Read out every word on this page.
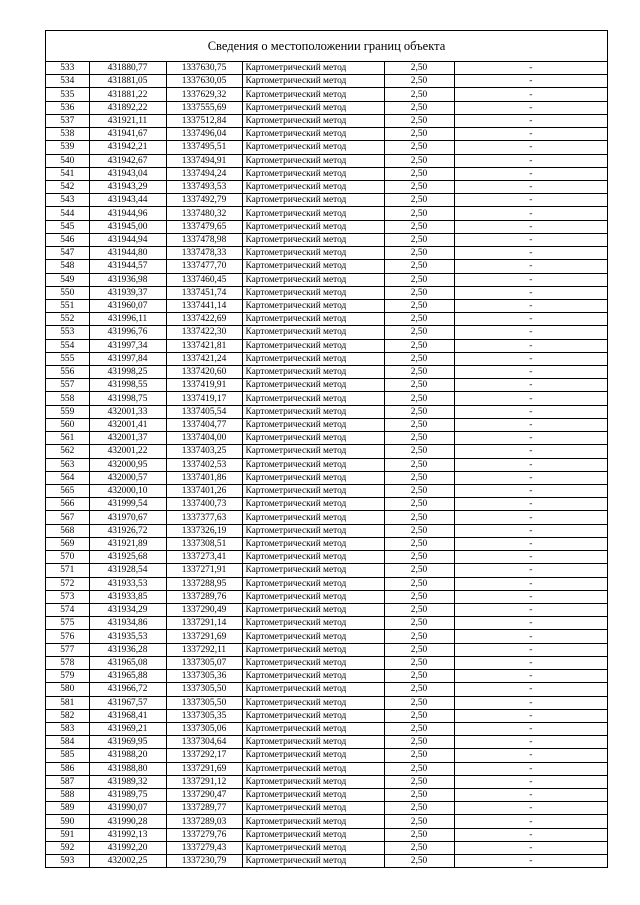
Сведения о местоположении границ объекта
533	431880,77	1337630,75	Картометрический метод	2,50	-
534	431881,05	1337630,05	Картометрический метод	2,50	-
535	431881,22	1337629,32	Картометрический метод	2,50	-
536	431892,22	1337555,69	Картометрический метод	2,50	-
537	431921,11	1337512,84	Картометрический метод	2,50	-
538	431941,67	1337496,04	Картометрический метод	2,50	-
539	431942,21	1337495,51	Картометрический метод	2,50	-
540	431942,67	1337494,91	Картометрический метод	2,50	-
541	431943,04	1337494,24	Картометрический метод	2,50	-
542	431943,29	1337493,53	Картометрический метод	2,50	-
543	431943,44	1337492,79	Картометрический метод	2,50	-
544	431944,96	1337480,32	Картометрический метод	2,50	-
545	431945,00	1337479,65	Картометрический метод	2,50	-
546	431944,94	1337478,98	Картометрический метод	2,50	-
547	431944,80	1337478,33	Картометрический метод	2,50	-
548	431944,57	1337477,70	Картометрический метод	2,50	-
549	431936,98	1337460,45	Картометрический метод	2,50	-
550	431939,37	1337451,74	Картометрический метод	2,50	-
551	431960,07	1337441,14	Картометрический метод	2,50	-
552	431996,11	1337422,69	Картометрический метод	2,50	-
553	431996,76	1337422,30	Картометрический метод	2,50	-
554	431997,34	1337421,81	Картометрический метод	2,50	-
555	431997,84	1337421,24	Картометрический метод	2,50	-
556	431998,25	1337420,60	Картометрический метод	2,50	-
557	431998,55	1337419,91	Картометрический метод	2,50	-
558	431998,75	1337419,17	Картометрический метод	2,50	-
559	432001,33	1337405,54	Картометрический метод	2,50	-
560	432001,41	1337404,77	Картометрический метод	2,50	-
561	432001,37	1337404,00	Картометрический метод	2,50	-
562	432001,22	1337403,25	Картометрический метод	2,50	-
563	432000,95	1337402,53	Картометрический метод	2,50	-
564	432000,57	1337401,86	Картометрический метод	2,50	-
565	432000,10	1337401,26	Картометрический метод	2,50	-
566	431999,54	1337400,73	Картометрический метод	2,50	-
567	431970,67	1337377,63	Картометрический метод	2,50	-
568	431926,72	1337326,19	Картометрический метод	2,50	-
569	431921,89	1337308,51	Картометрический метод	2,50	-
570	431925,68	1337273,41	Картометрический метод	2,50	-
571	431928,54	1337271,91	Картометрический метод	2,50	-
572	431933,53	1337288,95	Картометрический метод	2,50	-
573	431933,85	1337289,76	Картометрический метод	2,50	-
574	431934,29	1337290,49	Картометрический метод	2,50	-
575	431934,86	1337291,14	Картометрический метод	2,50	-
576	431935,53	1337291,69	Картометрический метод	2,50	-
577	431936,28	1337292,11	Картометрический метод	2,50	-
578	431965,08	1337305,07	Картометрический метод	2,50	-
579	431965,88	1337305,36	Картометрический метод	2,50	-
580	431966,72	1337305,50	Картометрический метод	2,50	-
581	431967,57	1337305,50	Картометрический метод	2,50	-
582	431968,41	1337305,35	Картометрический метод	2,50	-
583	431969,21	1337305,06	Картометрический метод	2,50	-
584	431969,95	1337304,64	Картометрический метод	2,50	-
585	431988,20	1337292,17	Картометрический метод	2,50	-
586	431988,80	1337291,69	Картометрический метод	2,50	-
587	431989,32	1337291,12	Картометрический метод	2,50	-
588	431989,75	1337290,47	Картометрический метод	2,50	-
589	431990,07	1337289,77	Картометрический метод	2,50	-
590	431990,28	1337289,03	Картометрический метод	2,50	-
591	431992,13	1337279,76	Картометрический метод	2,50	-
592	431992,20	1337279,43	Картометрический метод	2,50	-
593	432002,25	1337230,79	Картометрический метод	2,50	-
